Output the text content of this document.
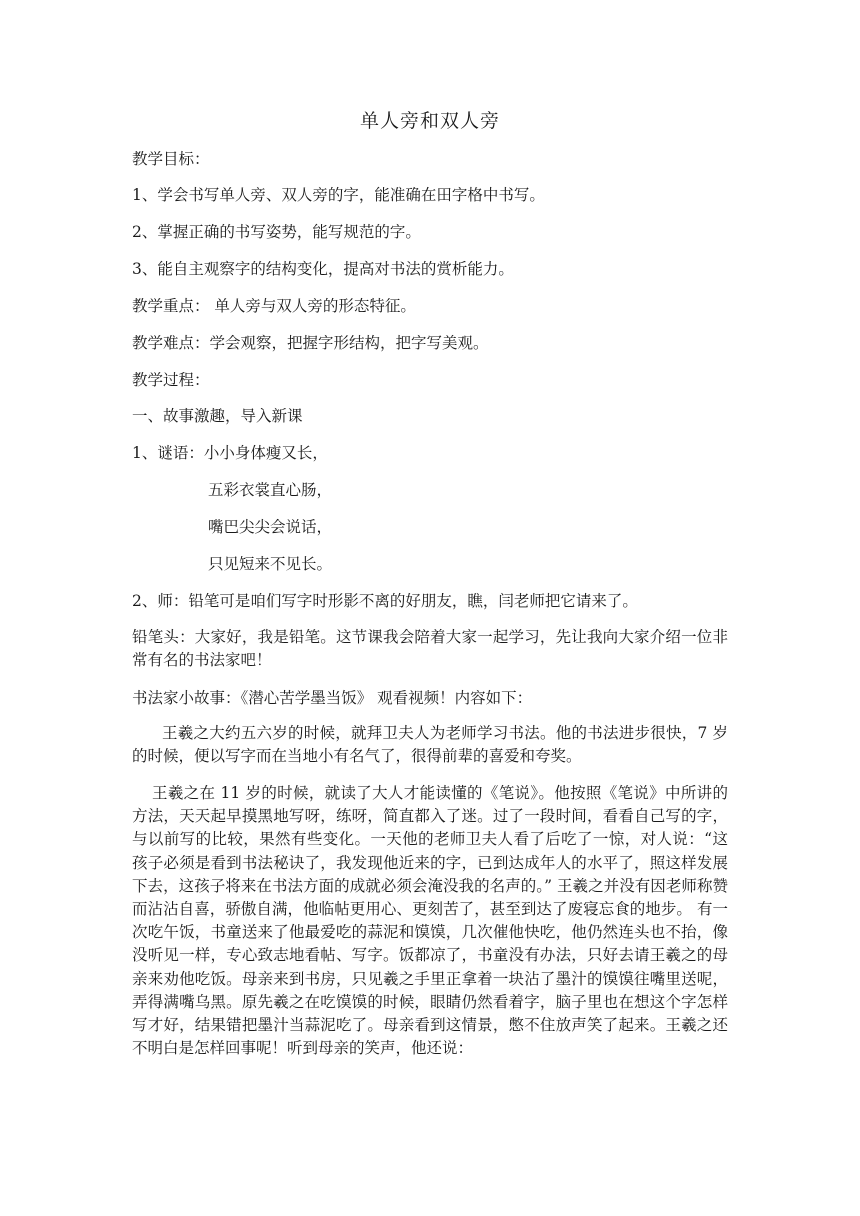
单人旁和双人旁
教学目标：
1、学会书写单人旁、双人旁的字，能准确在田字格中书写。
2、掌握正确的书写姿势，能写规范的字。
3、能自主观察字的结构变化，提高对书法的赏析能力。
教学重点： 单人旁与双人旁的形态特征。
教学难点：学会观察，把握字形结构，把字写美观。
教学过程：
一、故事激趣，导入新课
1、谜语：小小身体瘦又长，
五彩衣裳直心肠，
嘴巴尖尖会说话，
只见短来不见长。
2、师：铅笔可是咱们写字时形影不离的好朋友，瞧，闫老师把它请来了。
铅笔头：大家好，我是铅笔。这节课我会陪着大家一起学习，先让我向大家介绍一位非常有名的书法家吧！
书法家小故事：《潜心苦学墨当饭》 观看视频！内容如下：
王羲之大约五六岁的时候，就拜卫夫人为老师学习书法。他的书法进步很快，7 岁的时候，便以写字而在当地小有名气了，很得前辈的喜爱和夸奖。
王羲之在 11 岁的时候，就读了大人才能读懂的《笔说》。他按照《笔说》中所讲的方法，天天起早摸黑地写呀，练呀，简直都入了迷。过了一段时间，看看自己写的字，与以前写的比较，果然有些变化。一天他的老师卫夫人看了后吃了一惊，对人说：“这孩子必须是看到书法秘诀了，我发现他近来的字，已到达成年人的水平了，照这样发展下去，这孩子将来在书法方面的成就必须会淹没我的名声的。” 王羲之并没有因老师称赞而沾沾自喜，骄傲自满，他临帖更用心、更刻苦了，甚至到达了废寝忘食的地步。 有一次吃午饭，书童送来了他最爱吃的蒜泥和馍馍，几次催他快吃，他仍然连头也不抬，像没听见一样，专心致志地看帖、写字。饭都凉了，书童没有办法，只好去请王羲之的母亲来劝他吃饭。母亲来到书房，只见羲之手里正拿着一块沾了墨汁的馍馍往嘴里送呢，弄得满嘴乌黑。原先羲之在吃馍馍的时候，眼睛仍然看着字，脑子里也在想这个字怎样写才好，结果错把墨汁当蒜泥吃了。母亲看到这情景，憋不住放声笑了起来。王羲之还不明白是怎样回事呢！听到母亲的笑声，他还说：
